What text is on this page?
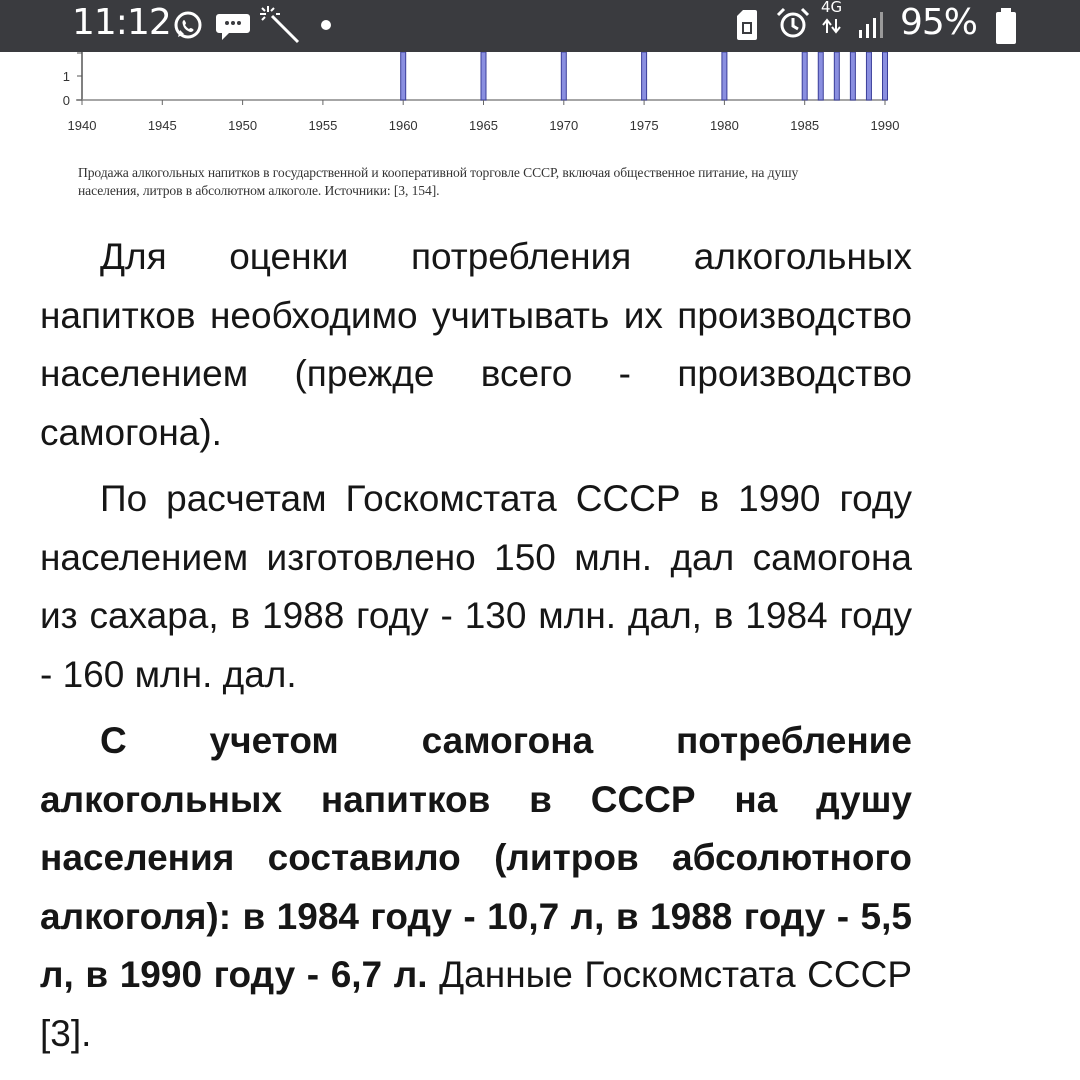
11:12	4G 95%
0
1
1940	1945	1950	1955	1960	1965	1970	1975	1980	1985	1990
Продажа алкогольных напитков в государственной и кооперативной торговле СССР, включая общественное питание, на душу населения, литров в абсолютном алкоголе. Источники: [3, 154].

Для оценки потребления алкогольных напитков необходимо учитывать их производство населением (прежде всего - производство самогона).

По расчетам Госкомстата СССР в 1990 году населением изготовлено 150 млн. дал самогона из сахара, в 1988 году - 130 млн. дал, в 1984 году - 160 млн. дал.

С учетом самогона потребление алкогольных напитков в СССР на душу населения составило (литров абсолютного алкоголя): в 1984 году - 10,7 л, в 1988 году - 5,5 л, в 1990 году - 6,7 л. Данные Госкомстата СССР [3].
